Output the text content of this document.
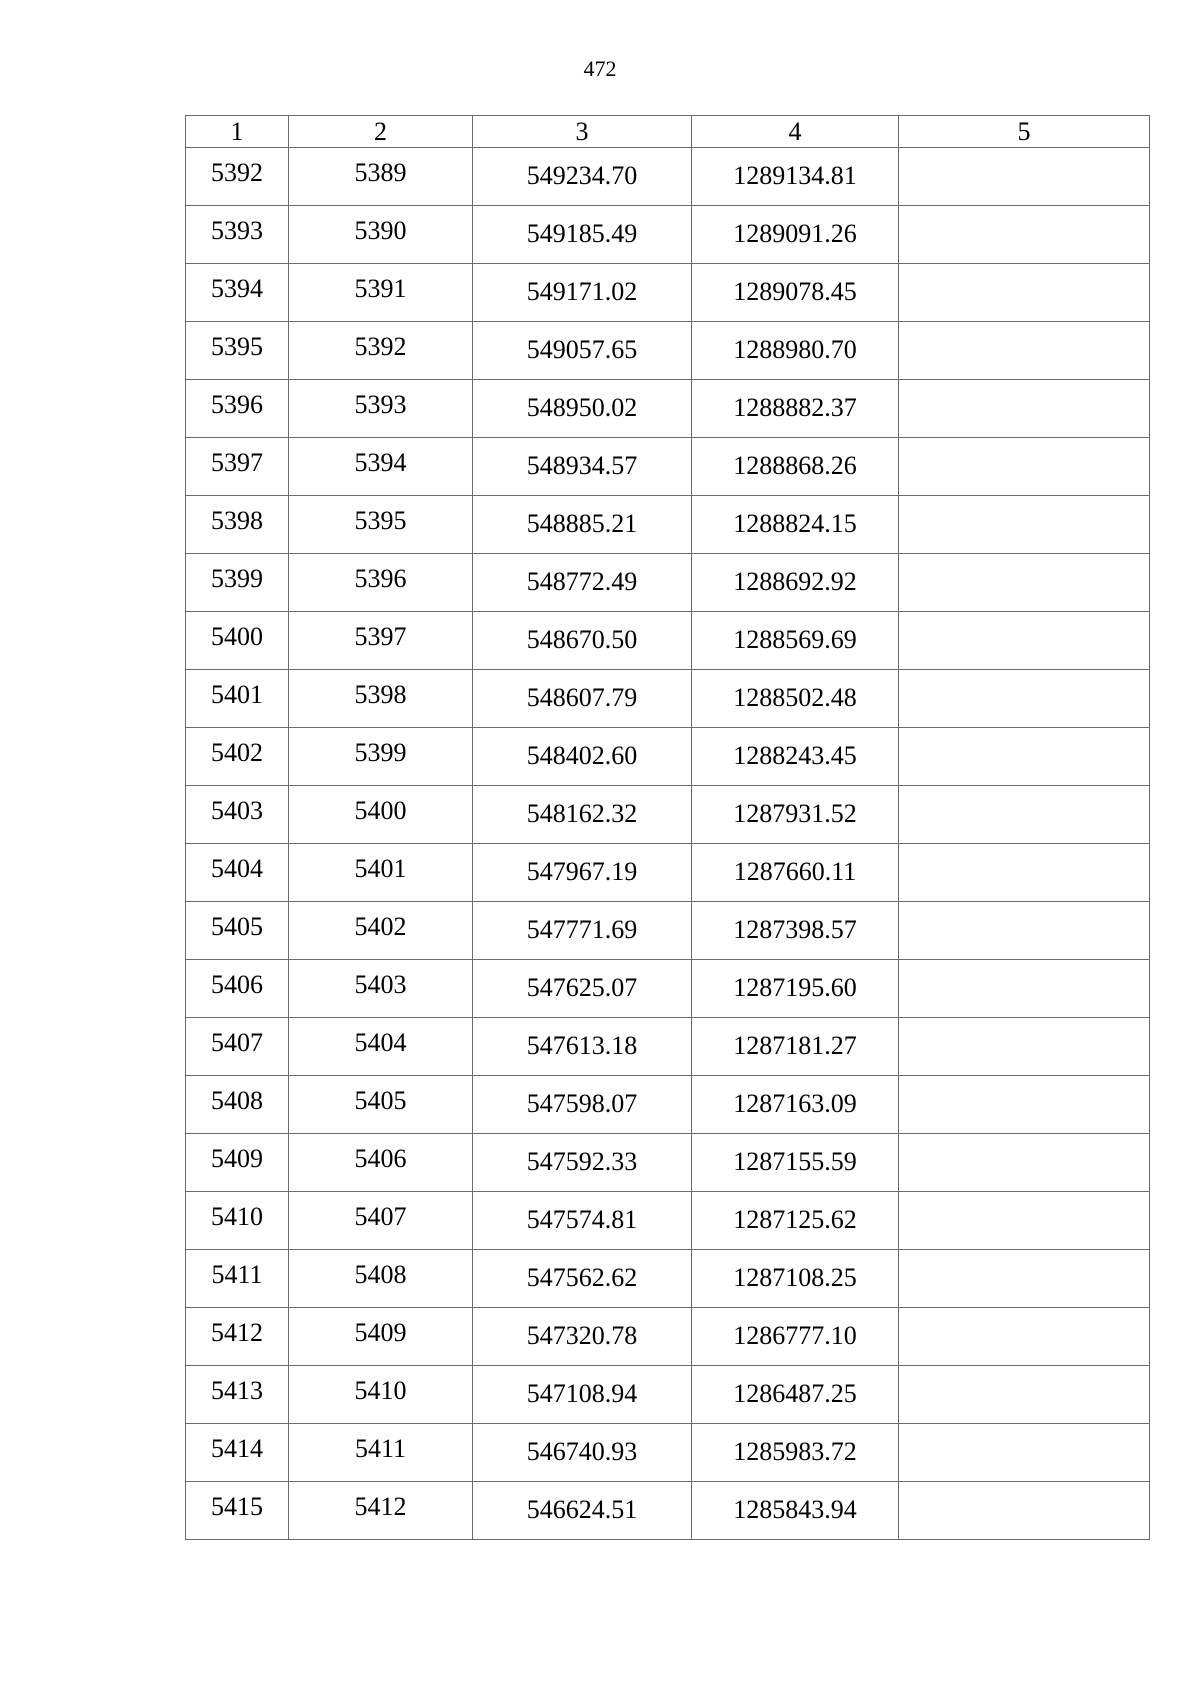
472
1	2	3	4	5
5392	5389	549234.70	1289134.81	
5393	5390	549185.49	1289091.26	
5394	5391	549171.02	1289078.45	
5395	5392	549057.65	1288980.70	
5396	5393	548950.02	1288882.37	
5397	5394	548934.57	1288868.26	
5398	5395	548885.21	1288824.15	
5399	5396	548772.49	1288692.92	
5400	5397	548670.50	1288569.69	
5401	5398	548607.79	1288502.48	
5402	5399	548402.60	1288243.45	
5403	5400	548162.32	1287931.52	
5404	5401	547967.19	1287660.11	
5405	5402	547771.69	1287398.57	
5406	5403	547625.07	1287195.60	
5407	5404	547613.18	1287181.27	
5408	5405	547598.07	1287163.09	
5409	5406	547592.33	1287155.59	
5410	5407	547574.81	1287125.62	
5411	5408	547562.62	1287108.25	
5412	5409	547320.78	1286777.10	
5413	5410	547108.94	1286487.25	
5414	5411	546740.93	1285983.72	
5415	5412	546624.51	1285843.94	
